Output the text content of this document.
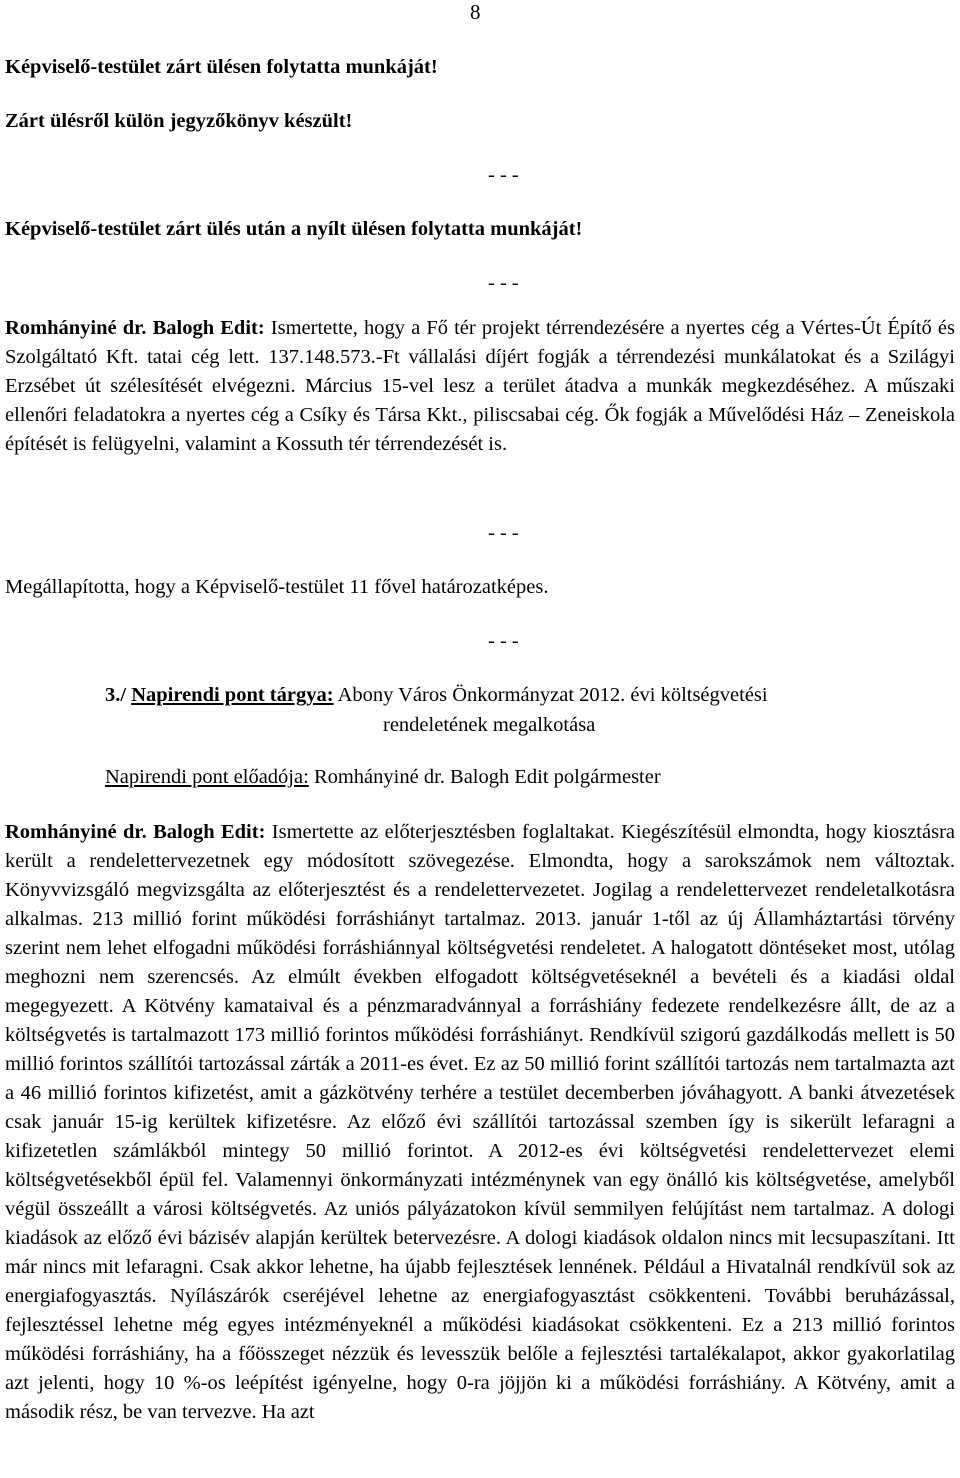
8
Képviselő-testület zárt ülésen folytatta munkáját!
Zárt ülésről külön jegyzőkönyv készült!
- - -
Képviselő-testület zárt ülés után a nyílt ülésen folytatta munkáját!
- - -
Romhányiné dr. Balogh Edit: Ismertette, hogy a Fő tér projekt térrendezésére a nyertes cég a Vértes-Út Építő és Szolgáltató Kft. tatai cég lett. 137.148.573.-Ft vállalási díjért fogják a térrendezési munkálatokat és a Szilágyi Erzsébet út szélesítését elvégezni. Március 15-vel lesz a terület átadva a munkák megkezdéséhez. A műszaki ellenőri feladatokra a nyertes cég a Csíky és Társa Kkt., piliscsabai cég. Ők fogják a Művelődési Ház – Zeneiskola építését is felügyelni, valamint a Kossuth tér térrendezését is.
- - -
Megállapította, hogy a Képviselő-testület 11 fővel határozatképes.
- - -
3./ Napirendi pont tárgya: Abony Város Önkormányzat 2012. évi költségvetési
rendeletének megalkotása
Napirendi pont előadója: Romhányiné dr. Balogh Edit polgármester
Romhányiné dr. Balogh Edit: Ismertette az előterjesztésben foglaltakat. Kiegészítésül elmondta, hogy kiosztásra került a rendelettervezetnek egy módosított szövegezése. Elmondta, hogy a sarokszámok nem változtak. Könyvvizsgáló megvizsgálta az előterjesztést és a rendelettervezetet. Jogilag a rendelettervezet rendeletalkotásra alkalmas. 213 millió forint működési forráshiányt tartalmaz. 2013. január 1-től az új Államháztartási törvény szerint nem lehet elfogadni működési forráshiánnyal költségvetési rendeletet. A halogatott döntéseket most, utólag meghozni nem szerencsés. Az elmúlt években elfogadott költségvetéseknél a bevételi és a kiadási oldal megegyezett. A Kötvény kamataival és a pénzmaradvánnyal a forráshiány fedezete rendelkezésre állt, de az a költségvetés is tartalmazott 173 millió forintos működési forráshiányt. Rendkívül szigorú gazdálkodás mellett is 50 millió forintos szállítói tartozással zárták a 2011-es évet. Ez az 50 millió forint szállítói tartozás nem tartalmazta azt a 46 millió forintos kifizetést, amit a gázkötvény terhére a testület decemberben jóváhagyott. A banki átvezetések csak január 15-ig kerültek kifizetésre. Az előző évi szállítói tartozással szemben így is sikerült lefaragni a kifizetetlen számlákból mintegy 50 millió forintot. A 2012-es évi költségvetési rendelettervezet elemi költségvetésekből épül fel. Valamennyi önkormányzati intézménynek van egy önálló kis költségvetése, amelyből végül összeállt a városi költségvetés. Az uniós pályázatokon kívül semmilyen felújítást nem tartalmaz. A dologi kiadások az előző évi bázisév alapján kerültek betervezésre. A dologi kiadások oldalon nincs mit lecsupaszítani. Itt már nincs mit lefaragni. Csak akkor lehetne, ha újabb fejlesztések lennének. Például a Hivatalnál rendkívül sok az energiafogyasztás. Nyílászárók cseréjével lehetne az energiafogyasztást csökkenteni. További beruházással, fejlesztéssel lehetne még egyes intézményeknél a működési kiadásokat csökkenteni. Ez a 213 millió forintos működési forráshiány, ha a főösszeget nézzük és levesszük belőle a fejlesztési tartalékalapot, akkor gyakorlatilag azt jelenti, hogy 10 %-os leépítést igényelne, hogy 0-ra jöjjön ki a működési forráshiány. A Kötvény, amit a második rész, be van tervezve. Ha azt
